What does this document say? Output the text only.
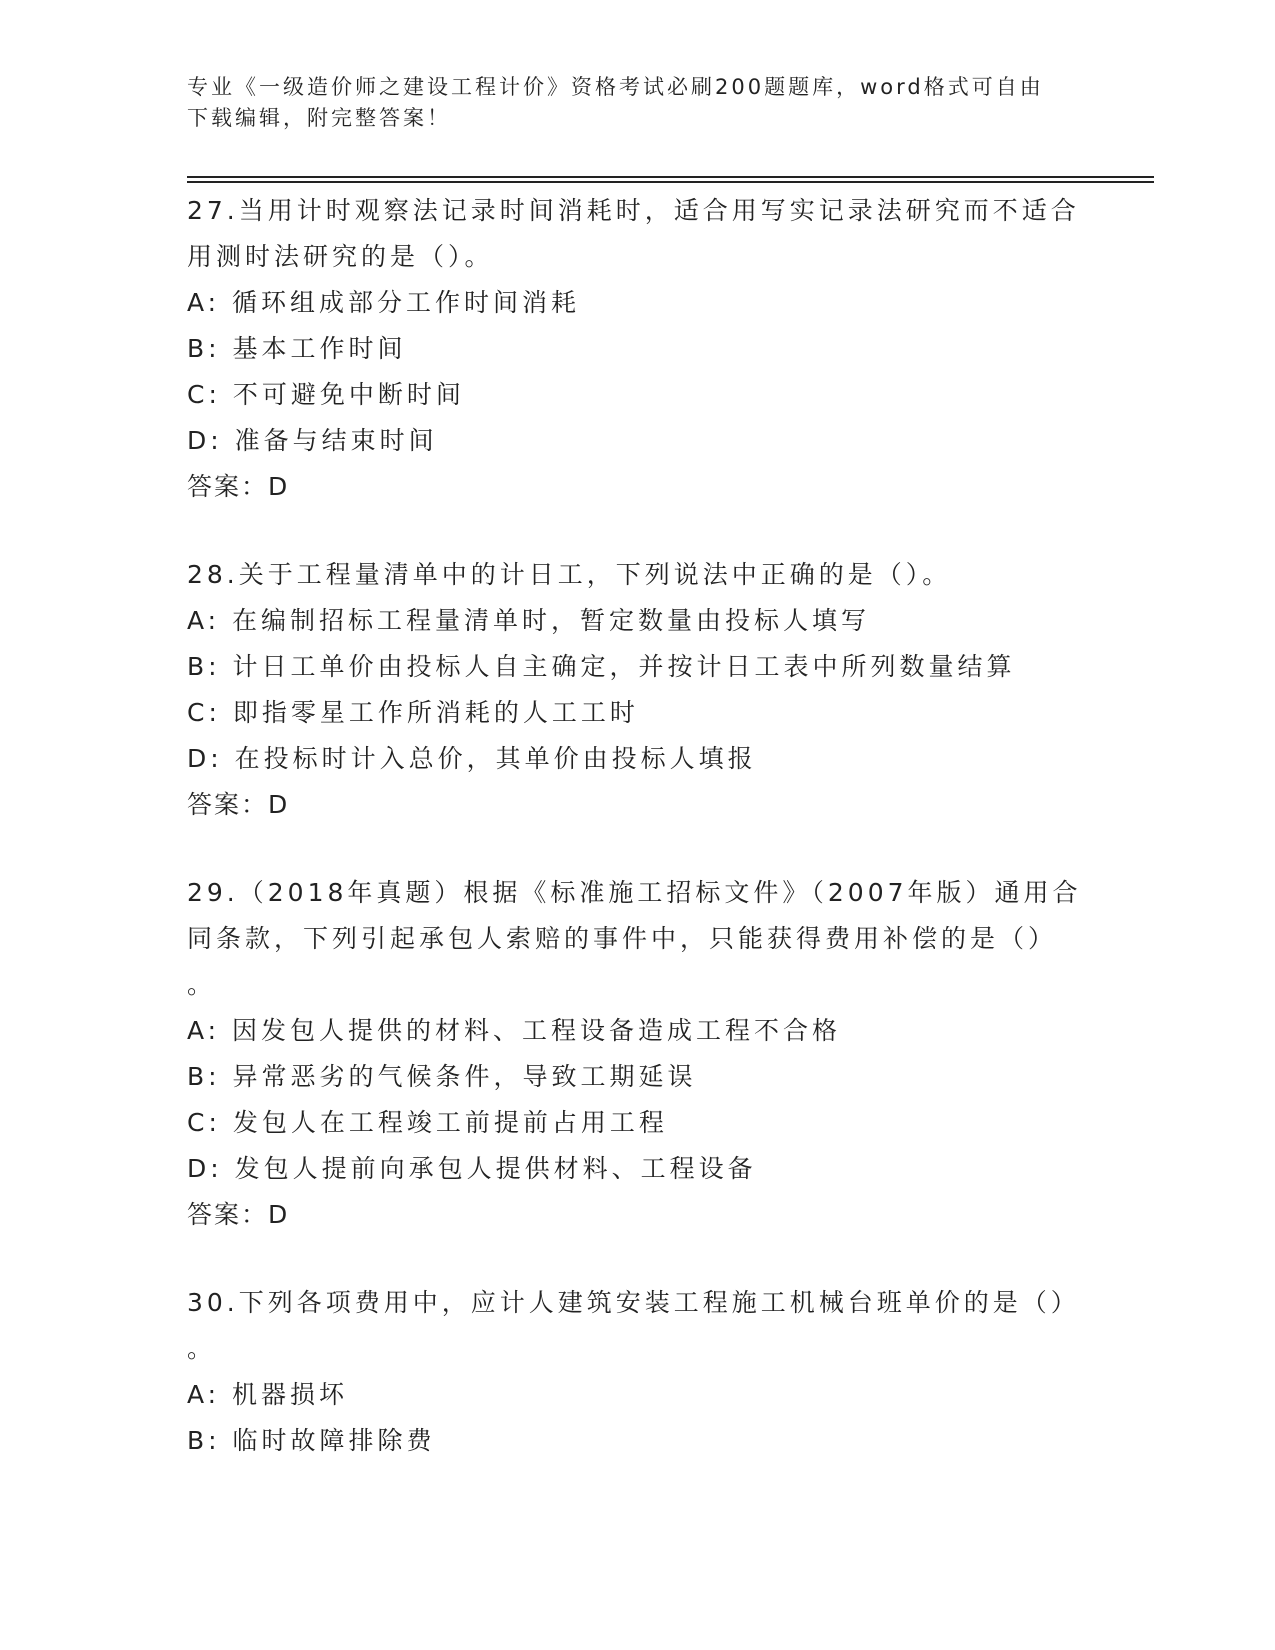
专业《一级造价师之建设工程计价》资格考试必刷200题题库，word格式可自由
下载编辑，附完整答案！
27.当用计时观察法记录时间消耗时，适合用写实记录法研究而不适合
用测时法研究的是（）。
A: 循环组成部分工作时间消耗
B: 基本工作时间
C: 不可避免中断时间
D: 准备与结束时间
答案：D
28.关于工程量清单中的计日工，下列说法中正确的是（）。
A: 在编制招标工程量清单时，暂定数量由投标人填写
B: 计日工单价由投标人自主确定，并按计日工表中所列数量结算
C: 即指零星工作所消耗的人工工时
D: 在投标时计入总价，其单价由投标人填报
答案：D
29.（2018年真题）根据《标准施工招标文件》（2007年版）通用合
同条款，下列引起承包人索赔的事件中，只能获得费用补偿的是（）
。
A: 因发包人提供的材料、工程设备造成工程不合格
B: 异常恶劣的气候条件，导致工期延误
C: 发包人在工程竣工前提前占用工程
D: 发包人提前向承包人提供材料、工程设备
答案：D
30.下列各项费用中，应计人建筑安装工程施工机械台班单价的是（）
。
A: 机器损坏
B: 临时故障排除费
